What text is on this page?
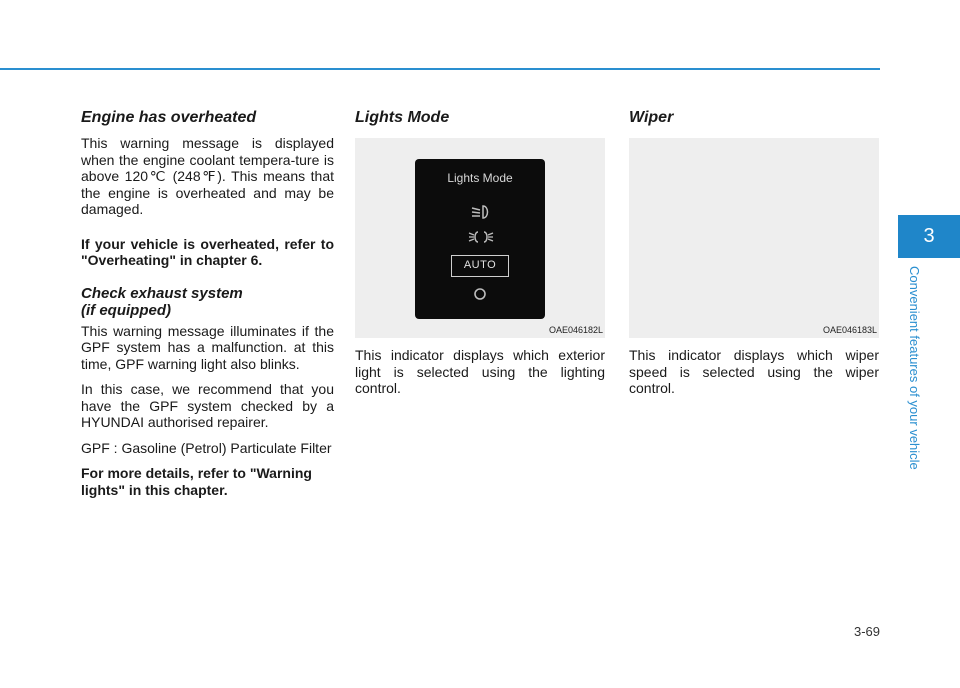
Engine has overheated

This warning message is displayed when the engine coolant tempera-ture is above 120℃ (248℉). This means that the engine is overheated and may be damaged.

If your vehicle is overheated, refer to "Overheating" in chapter 6.

Check exhaust system
(if equipped)

This warning message illuminates if the GPF system has a malfunction. at this time, GPF warning light also blinks.

In this case, we recommend that you have the GPF system checked by a HYUNDAI authorised repairer.

GPF : Gasoline (Petrol) Particulate Filter

For more details, refer to "Warning lights" in this chapter.

Lights Mode
Lights Mode
AUTO
OAE046182L

This indicator displays which exterior light is selected using the lighting control.

Wiper
OAE046183L

This indicator displays which wiper speed is selected using the wiper control.

3
Convenient features of your vehicle
3-69
